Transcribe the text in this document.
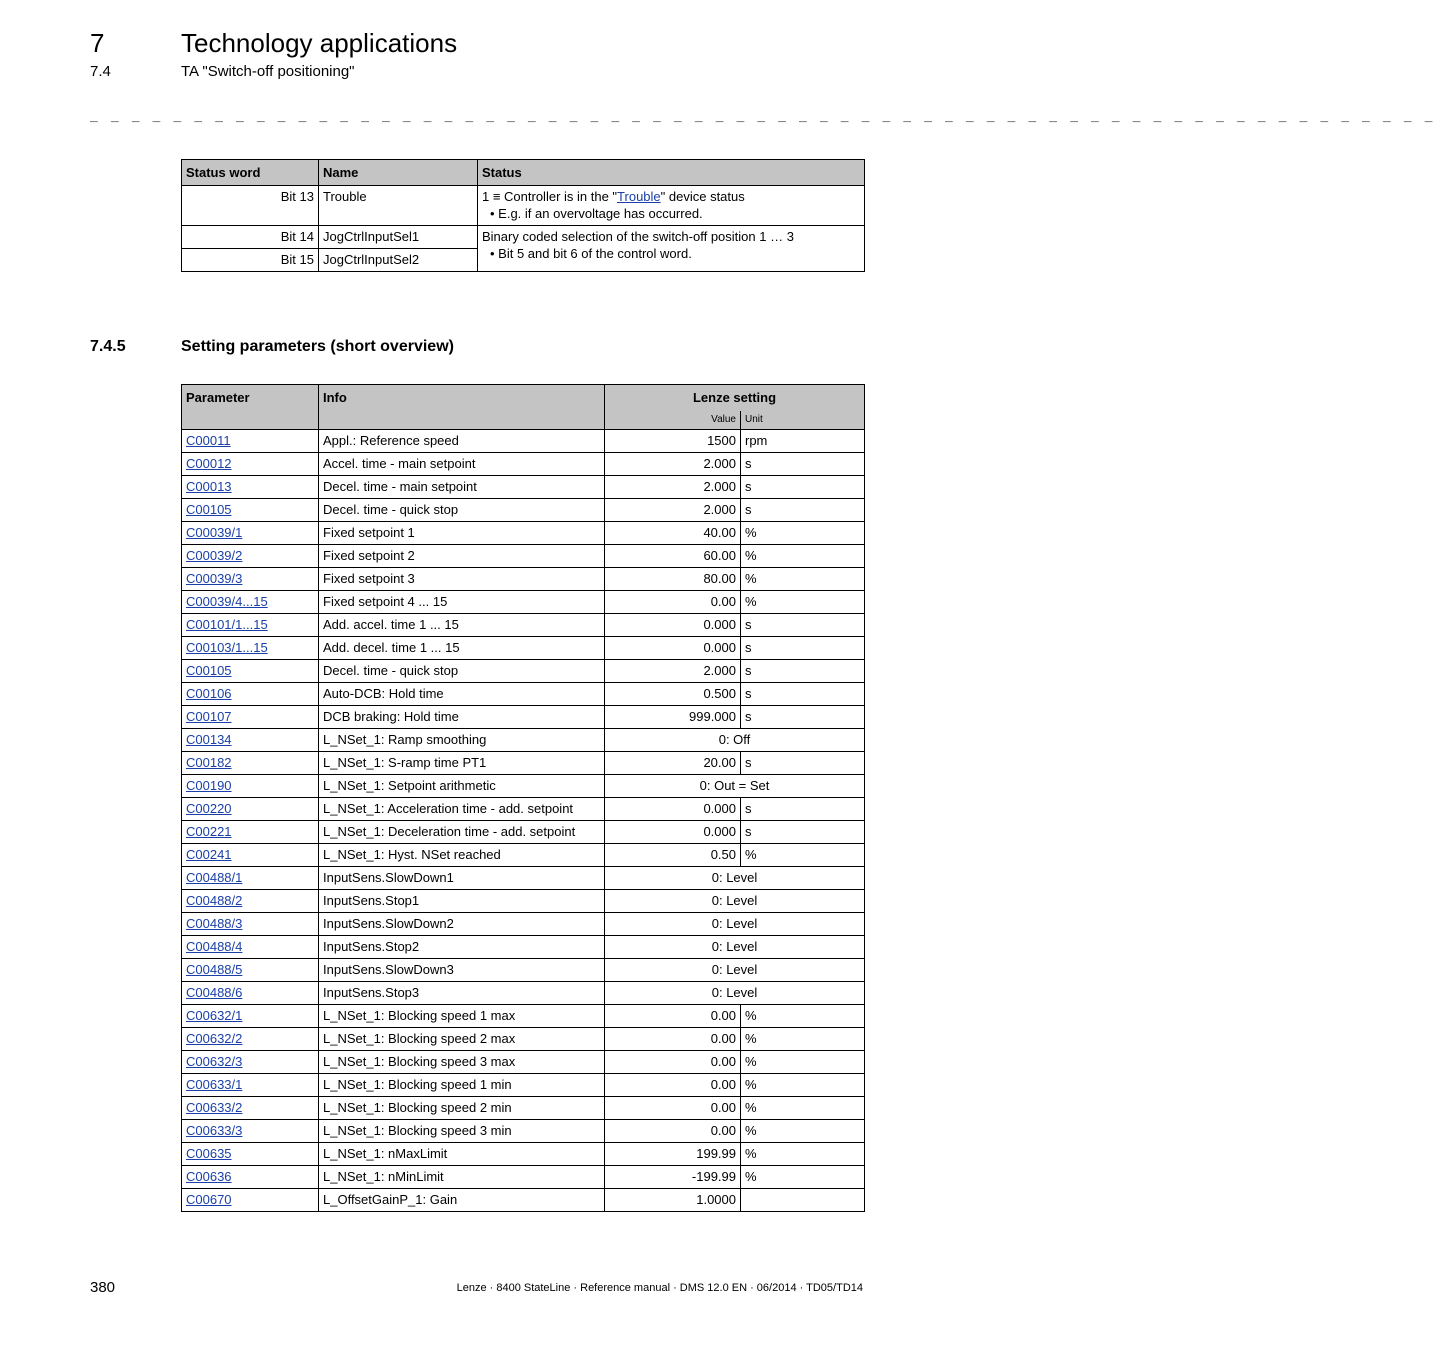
7	Technology applications
7.4	TA "Switch-off positioning"
_ _ _ _ _ _ _ _ _ _ _ _ _ _ _ _ _ _ _ _ _ _ _ _ _ _ _ _ _ _ _ _ _ _ _ _ _ _ _ _ _ _ _ _ _ _ _ _ _ _ _ _ _ _ _ _ _ _ _ _ _ _ _ _ _
Status word	Name	Status
Bit 13	Trouble	1 ≡ Controller is in the "Trouble" device status
• E.g. if an overvoltage has occurred.
Bit 14	JogCtrlInputSel1	Binary coded selection of the switch-off position 1 … 3
• Bit 5 and bit 6 of the control word.
Bit 15	JogCtrlInputSel2	
7.4.5	Setting parameters (short overview)
Parameter	Info	Lenze setting	
		Value	Unit
C00011	Appl.: Reference speed	1500	rpm
C00012	Accel. time - main setpoint	2.000	s
C00013	Decel. time - main setpoint	2.000	s
C00105	Decel. time - quick stop	2.000	s
C00039/1	Fixed setpoint 1	40.00	%
C00039/2	Fixed setpoint 2	60.00	%
C00039/3	Fixed setpoint 3	80.00	%
C00039/4...15	Fixed setpoint 4 ... 15	0.00	%
C00101/1...15	Add. accel. time 1 ... 15	0.000	s
C00103/1...15	Add. decel. time 1 ... 15	0.000	s
C00105	Decel. time - quick stop	2.000	s
C00106	Auto-DCB: Hold time	0.500	s
C00107	DCB braking: Hold time	999.000	s
C00134	L_NSet_1: Ramp smoothing	0: Off	
C00182	L_NSet_1: S-ramp time PT1	20.00	s
C00190	L_NSet_1: Setpoint arithmetic	0: Out = Set	
C00220	L_NSet_1: Acceleration time - add. setpoint	0.000	s
C00221	L_NSet_1: Deceleration time - add. setpoint	0.000	s
C00241	L_NSet_1: Hyst. NSet reached	0.50	%
C00488/1	InputSens.SlowDown1	0: Level	
C00488/2	InputSens.Stop1	0: Level	
C00488/3	InputSens.SlowDown2	0: Level	
C00488/4	InputSens.Stop2	0: Level	
C00488/5	InputSens.SlowDown3	0: Level	
C00488/6	InputSens.Stop3	0: Level	
C00632/1	L_NSet_1: Blocking speed 1 max	0.00	%
C00632/2	L_NSet_1: Blocking speed 2 max	0.00	%
C00632/3	L_NSet_1: Blocking speed 3 max	0.00	%
C00633/1	L_NSet_1: Blocking speed 1 min	0.00	%
C00633/2	L_NSet_1: Blocking speed 2 min	0.00	%
C00633/3	L_NSet_1: Blocking speed 3 min	0.00	%
C00635	L_NSet_1: nMaxLimit	199.99	%
C00636	L_NSet_1: nMinLimit	-199.99	%
C00670	L_OffsetGainP_1: Gain	1.0000	
380	Lenze · 8400 StateLine · Reference manual · DMS 12.0 EN · 06/2014 · TD05/TD14
